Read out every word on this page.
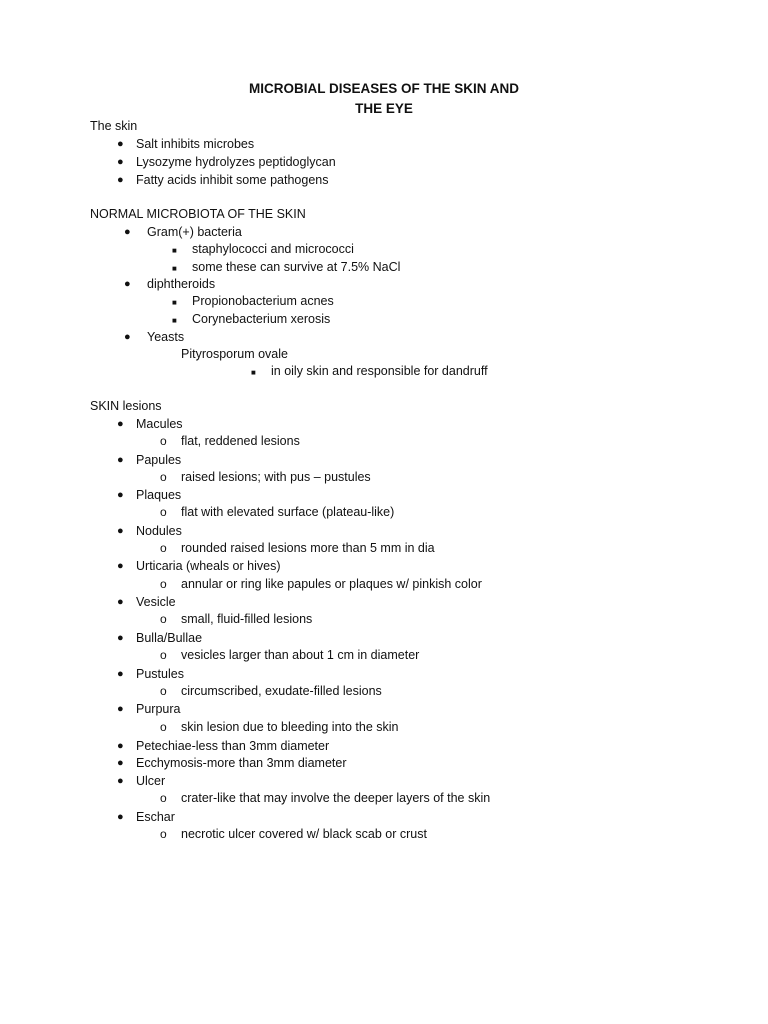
MICROBIAL DISEASES OF THE SKIN AND
THE EYE
The skin
● Salt inhibits microbes
● Lysozyme hydrolyzes peptidoglycan
● Fatty acids inhibit some pathogens
NORMAL MICROBIOTA OF THE SKIN
● Gram(+) bacteria
■ staphylococci and micrococci
■ some these can survive at 7.5% NaCl
● diphtheroids
■ Propionobacterium acnes
■ Corynebacterium xerosis
● Yeasts
Pityrosporum ovale
■ in oily skin and responsible for dandruff
SKIN lesions
● Macules
o flat, reddened lesions
● Papules
o raised lesions; with pus – pustules
● Plaques
o flat with elevated surface (plateau-like)
● Nodules
o rounded raised lesions more than 5 mm in dia
● Urticaria (wheals or hives)
o annular or ring like papules or plaques w/ pinkish color
● Vesicle
o small, fluid-filled lesions
● Bulla/Bullae
o vesicles larger than about 1 cm in diameter
● Pustules
o circumscribed, exudate-filled lesions
● Purpura
o skin lesion due to bleeding into the skin
● Petechiae-less than 3mm diameter
● Ecchymosis-more than 3mm diameter
● Ulcer
o crater-like that may involve the deeper layers of the skin
● Eschar
o necrotic ulcer covered w/ black scab or crust
